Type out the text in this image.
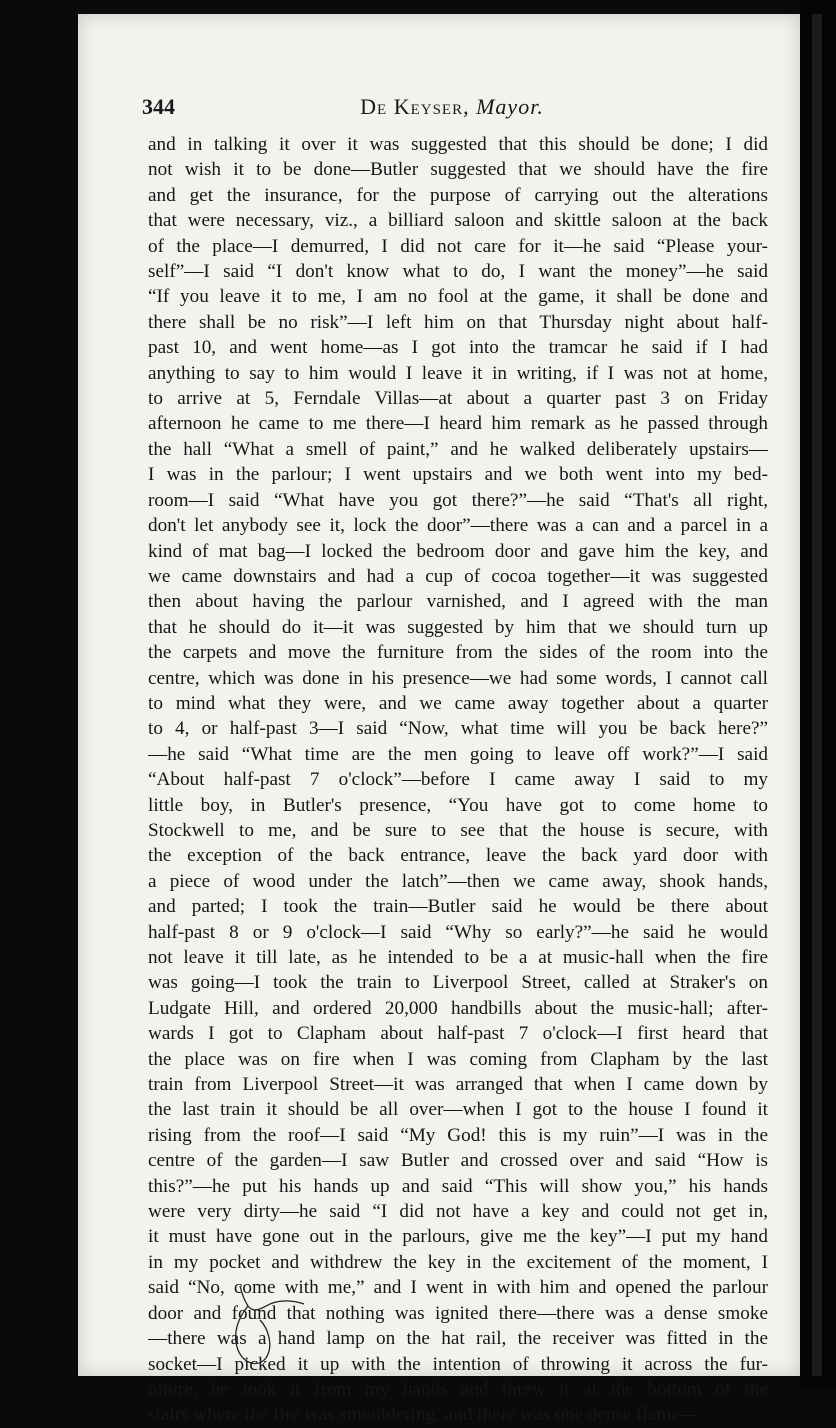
344	De Keyser, Mayor.
and in talking it over it was suggested that this should be done; I did
not wish it to be done—Butler suggested that we should have the fire
and get the insurance, for the purpose of carrying out the alterations
that were necessary, viz., a billiard saloon and skittle saloon at the back
of the place—I demurred, I did not care for it—he said “Please your-
self”—I said “I don't know what to do, I want the money”—he said
“If you leave it to me, I am no fool at the game, it shall be done and
there shall be no risk”—I left him on that Thursday night about half-
past 10, and went home—as I got into the tramcar he said if I had
anything to say to him would I leave it in writing, if I was not at home,
to arrive at 5, Ferndale Villas—at about a quarter past 3 on Friday
afternoon he came to me there—I heard him remark as he passed through
the hall “What a smell of paint,” and he walked deliberately upstairs—
I was in the parlour; I went upstairs and we both went into my bed-
room—I said “What have you got there?”—he said “That's all right,
don't let anybody see it, lock the door”—there was a can and a parcel in a
kind of mat bag—I locked the bedroom door and gave him the key, and
we came downstairs and had a cup of cocoa together—it was suggested
then about having the parlour varnished, and I agreed with the man
that he should do it—it was suggested by him that we should turn up
the carpets and move the furniture from the sides of the room into the
centre, which was done in his presence—we had some words, I cannot call
to mind what they were, and we came away together about a quarter
to 4, or half-past 3—I said “Now, what time will you be back here?”
—he said “What time are the men going to leave off work?”—I said
“About half-past 7 o'clock”—before I came away I said to my
little boy, in Butler's presence, “You have got to come home to
Stockwell to me, and be sure to see that the house is secure, with
the exception of the back entrance, leave the back yard door with
a piece of wood under the latch”—then we came away, shook hands,
and parted; I took the train—Butler said he would be there about
half-past 8 or 9 o'clock—I said “Why so early?”—he said he would
not leave it till late, as he intended to be a at music-hall when the fire
was going—I took the train to Liverpool Street, called at Straker's on
Ludgate Hill, and ordered 20,000 handbills about the music-hall; after-
wards I got to Clapham about half-past 7 o'clock—I first heard that
the place was on fire when I was coming from Clapham by the last
train from Liverpool Street—it was arranged that when I came down by
the last train it should be all over—when I got to the house I found it
rising from the roof—I said “My God! this is my ruin”—I was in the
centre of the garden—I saw Butler and crossed over and said “How is
this?”—he put his hands up and said “This will show you,” his hands
were very dirty—he said “I did not have a key and could not get in,
it must have gone out in the parlours, give me the key”—I put my hand
in my pocket and withdrew the key in the excitement of the moment, I
said “No, come with me,” and I went in with him and opened the parlour
door and found that nothing was ignited there—there was a dense smoke
—there was a hand lamp on the hat rail, the receiver was fitted in the
socket—I picked it up with the intention of throwing it across the fur-
niture, he took it from my hands and threw it at the bottom of the
stairs where the fire was smouldering, and there was one dense flame—
